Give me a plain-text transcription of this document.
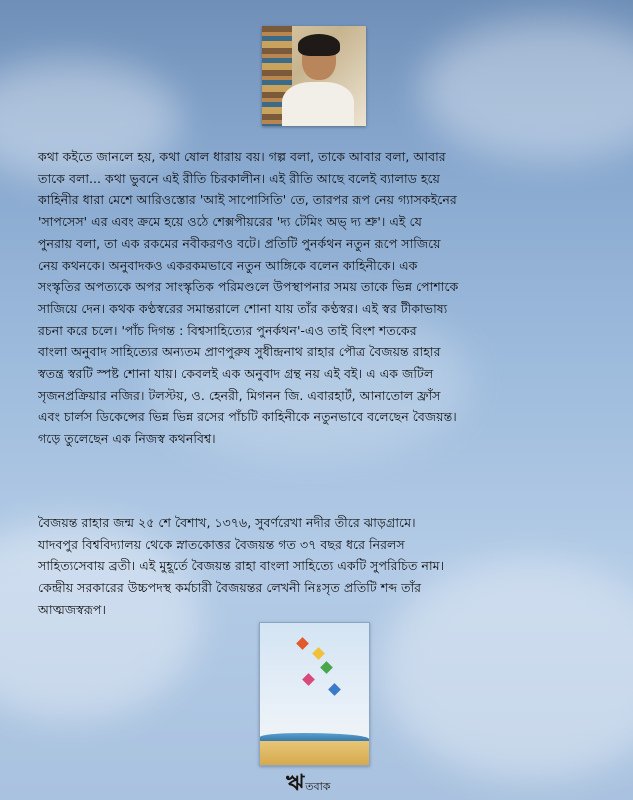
কথা কইতে জানলে হয়, কথা ষোল ধারায় বয়। গল্প বলা, তাকে আবার বলা, আবার
তাকে বলা... কথা ভুবনে এই রীতি চিরকালীন। এই রীতি আছে বলেই ব্যালাড হয়ে
কাহিনীর ধারা মেশে আরিওস্তোর 'আই সাপোসিতি' তে, তারপর রূপ নেয় গ্যাসকইনের
'সাপসেস' এর এবং ক্রমে হয়ে ওঠে শেক্সপীয়রের 'দ্য টেমিং অভ্ দ্য শ্রু'। এই যে
পুনরায় বলা, তা এক রকমের নবীকরণও বটে। প্রতিটি পুনর্কথন নতুন রূপে সাজিয়ে
নেয় কথনকে। অনুবাদকও একরকমভাবে নতুন আঙ্গিকে বলেন কাহিনীকে। এক
সংস্কৃতির অপত্যকে অপর সাংস্কৃতিক পরিমণ্ডলে উপস্থাপনার সময় তাকে ভিন্ন পোশাকে
সাজিয়ে দেন। কথক কণ্ঠস্বরের সমান্তরালে শোনা যায় তাঁর কণ্ঠস্বর। এই স্বর টীকাভাষ্য
রচনা করে চলে। 'পাঁচ দিগন্ত : বিশ্বসাহিত্যের পুনর্কথন'-এও তাই বিংশ শতকের
বাংলা অনুবাদ সাহিত্যের অন্যতম প্রাণপুরুষ সুধীন্দ্রনাথ রাহার পৌত্র বৈজয়ন্ত রাহার
স্বতন্ত্র স্বরটি স্পষ্ট শোনা যায়। কেবলই এক অনুবাদ গ্রন্থ নয় এই বই। এ এক জটিল
সৃজনপ্রক্রিয়ার নজির। টলস্টয়, ও. হেনরী, মিগনন জি. এবারহার্ট, আনাতোল ফ্রাঁস
এবং চার্লস ডিকেন্সের ভিন্ন ভিন্ন রসের পাঁচটি কাহিনীকে নতুনভাবে বলেছেন বৈজয়ন্ত।
গড়ে তুলেছেন এক নিজস্ব কথনবিশ্ব।

বৈজয়ন্ত রাহার জন্ম ২৫ শে বৈশাখ, ১৩৭৬, সুবর্ণরেখা নদীর তীরে ঝাড়গ্রামে।
যাদবপুর বিশ্ববিদ্যালয় থেকে স্নাতকোত্তর বৈজয়ন্ত গত ৩৭ বছর ধরে নিরলস
সাহিত্যসেবায় ব্রতী। এই মুহূর্তে বৈজয়ন্ত রাহা বাংলা সাহিত্যে একটি সুপরিচিত নাম।
কেন্দ্রীয় সরকারের উচ্চপদস্থ কর্মচারী বৈজয়ন্তর লেখনী নিঃসৃত প্রতিটি শব্দ তাঁর
আত্মজস্বরূপ।

ঋ তবাক
